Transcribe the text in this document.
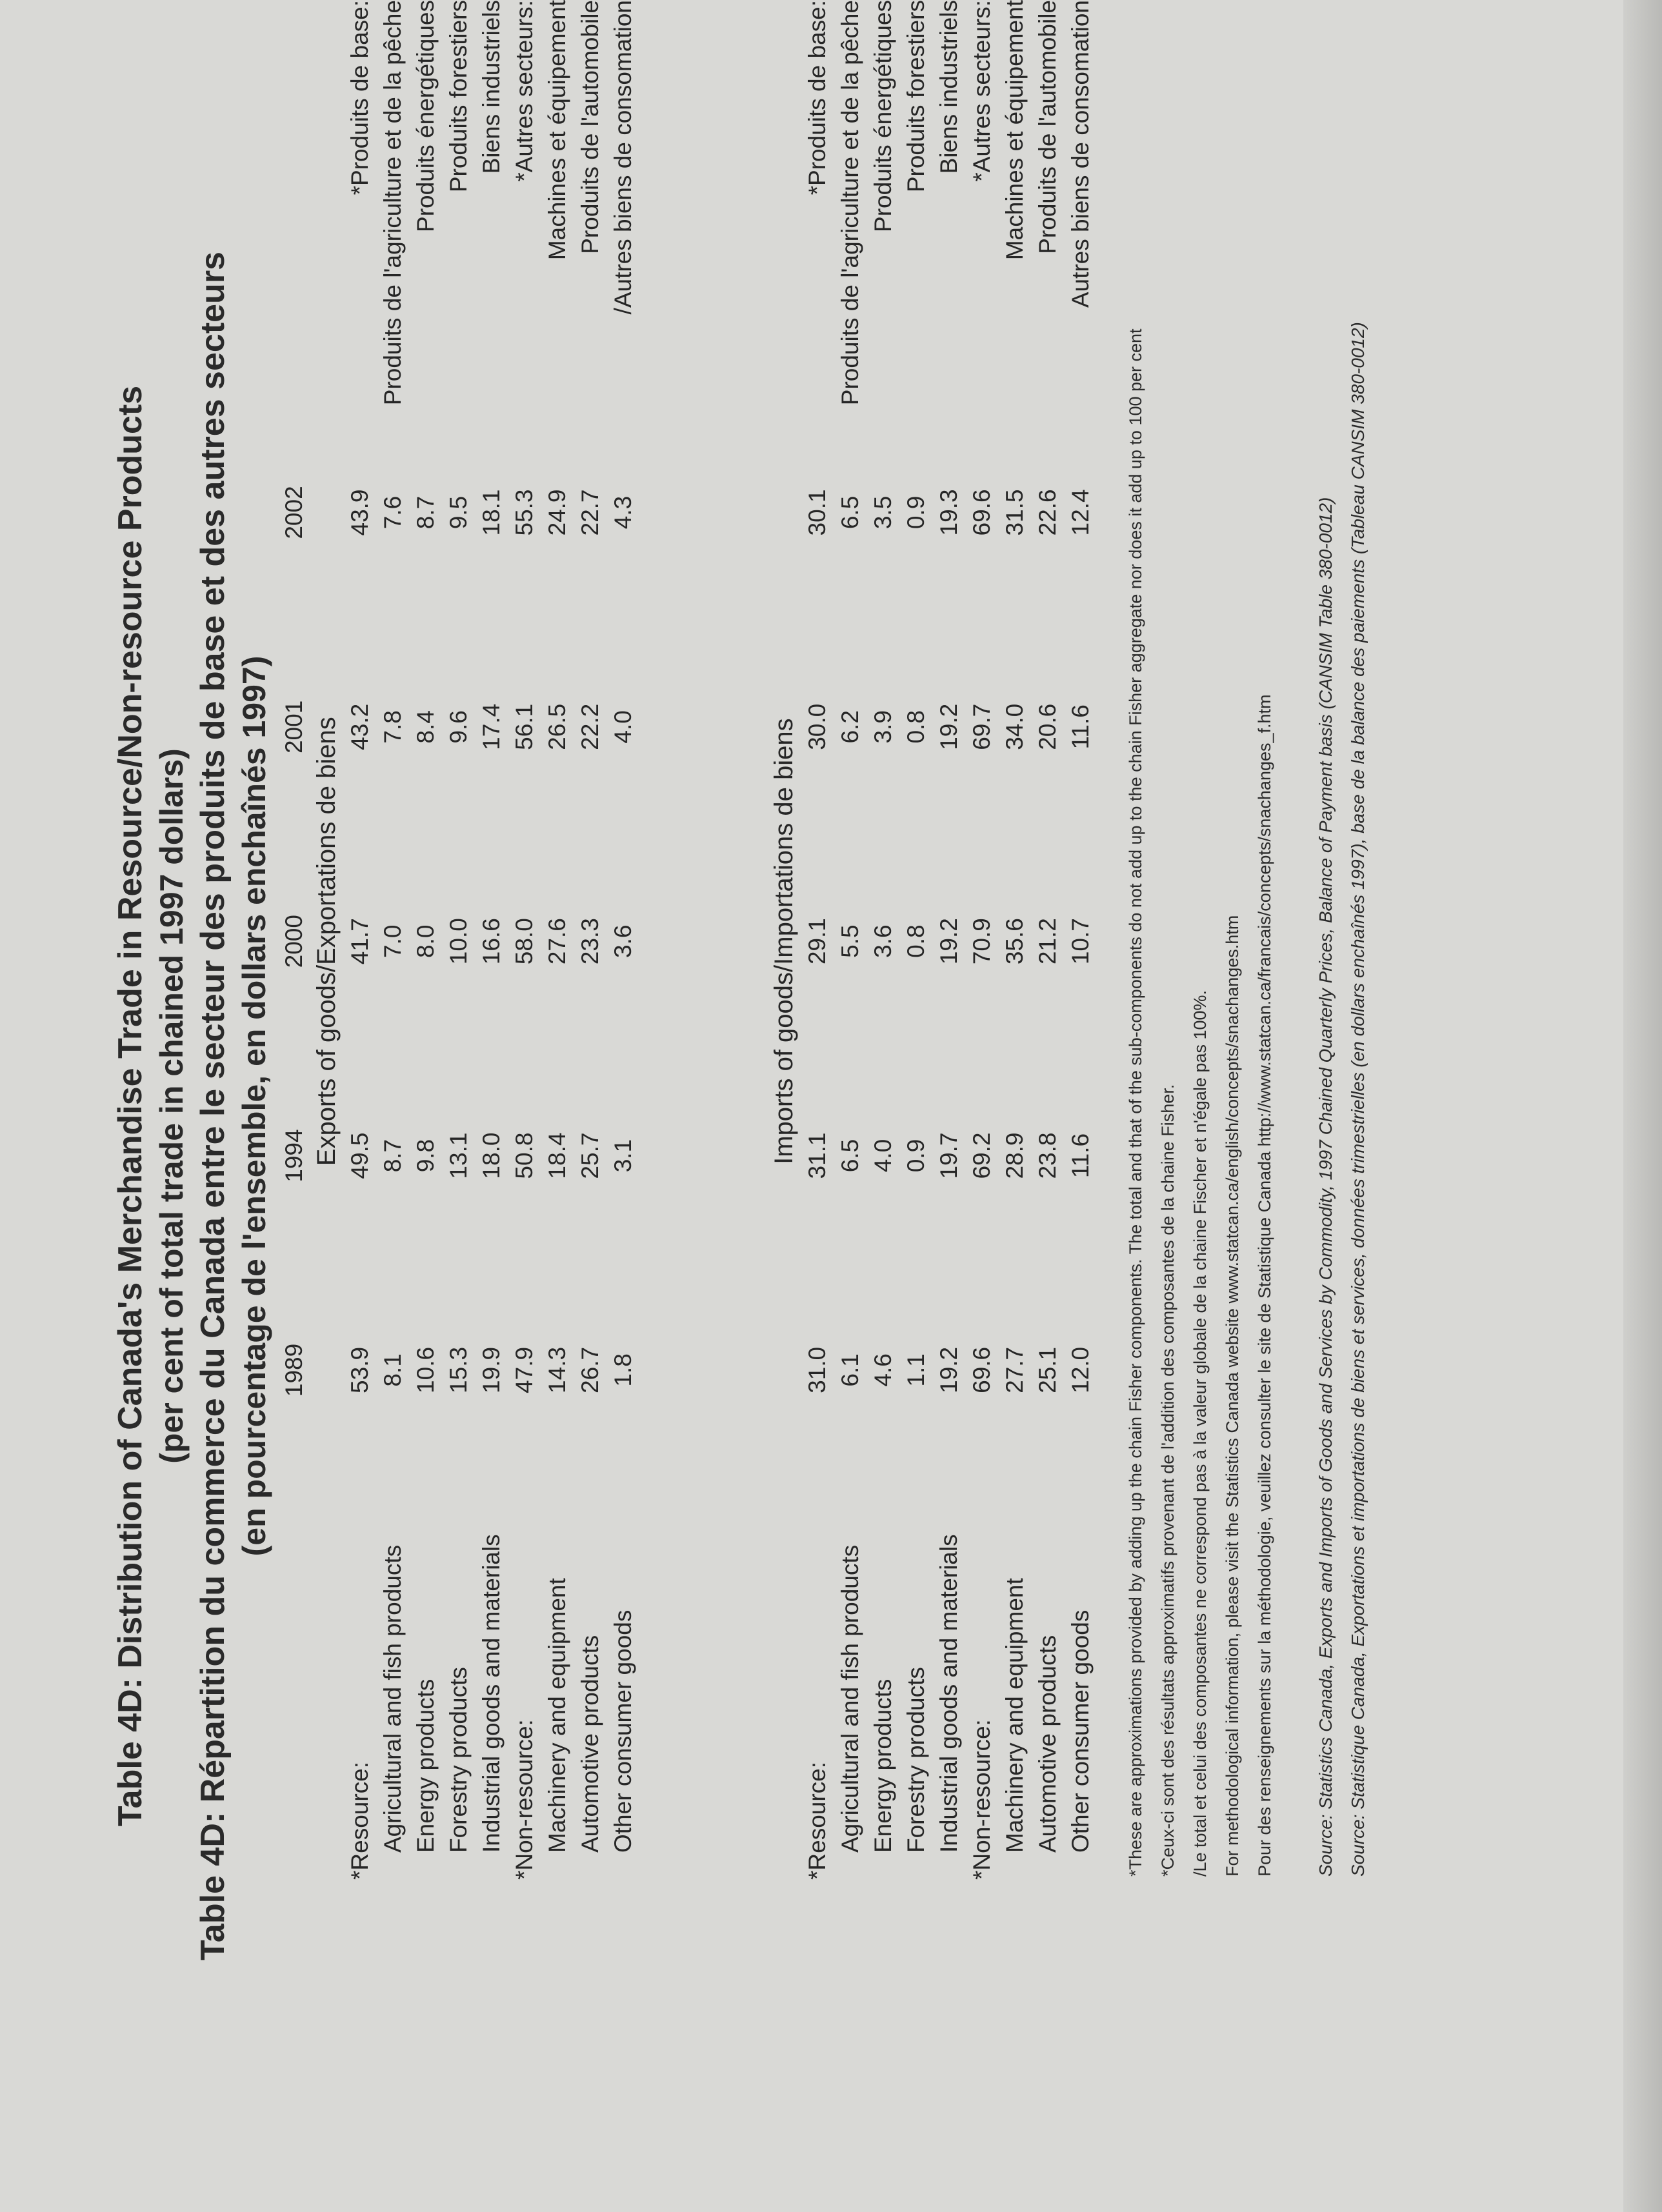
Table 4D: Distribution of Canada's Merchandise Trade in Resource/Non-resource Products (per cent of total trade in chained 1997 dollars) Table 4D: Répartition du commerce du Canada entre le secteur des produits de base et des autres secteurs (en pourcentage de l'ensemble, en dollars enchaînés 1997)
	1989	1994	2000	2001	2002	
	Exports of goods/Exportations de biens					
*Resource:	53.9	49.5	41.7	43.2	43.9	*Produits de base:
Agricultural and fish products	8.1	8.7	7.0	7.8	7.6	Produits de l'agriculture et de la pêche
Energy products	10.6	9.8	8.0	8.4	8.7	Produits énergétiques
Forestry products	15.3	13.1	10.0	9.6	9.5	Produits forestiers
Industrial goods and materials	19.9	18.0	16.6	17.4	18.1	Biens industriels
*Non-resource:	47.9	50.8	58.0	56.1	55.3	*Autres secteurs:
Machinery and equipment	14.3	18.4	27.6	26.5	24.9	Machines et équipement
Automotive products	26.7	25.7	23.3	22.2	22.7	Produits de l'automobile
Other consumer goods	1.8	3.1	3.6	4.0	4.3	/Autres biens de consomation
	Imports of goods/Importations de biens					
*Resource:	31.0	31.1	29.1	30.0	30.1	*Produits de base:
Agricultural and fish products	6.1	6.5	5.5	6.2	6.5	Produits de l'agriculture et de la pêche
Energy products	4.6	4.0	3.6	3.9	3.5	Produits énergétiques
Forestry products	1.1	0.9	0.8	0.8	0.9	Produits forestiers
Industrial goods and materials	19.2	19.7	19.2	19.2	19.3	Biens industriels
*Non-resource:	69.6	69.2	70.9	69.7	69.6	*Autres secteurs:
Machinery and equipment	27.7	28.9	35.6	34.0	31.5	Machines et équipement
Automotive products	25.1	23.8	21.2	20.6	22.6	Produits de l'automobile
Other consumer goods	12.0	11.6	10.7	11.6	12.4	Autres biens de consomation

*These are approximations provided by adding up the chain Fisher components. The total and that of the sub-components do not add up to the chain Fisher aggregate nor does it add up to 100 per cent *Ceux-ci sont des résultats approximatifs provenant de l'addition des composantes de la chaine Fisher. /Le total et celui des composantes ne correspond pas à la valeur globale de la chaine Fischer et n'égale pas 100%. For methodological information, please visit the Statistics Canada website www.statcan.ca/english/concepts/snachanges.htm Pour des renseignements sur la méthodologie, veuillez consulter le site de Statistique Canada http://www.statcan.ca/francais/concepts/snachanges_f.htm	Source: Statistics Canada, Exports and Imports of Goods and Services by Commodity, 1997 Chained Quarterly Prices, Balance of Payment basis (CANSIM Table 380-0012) Source: Statistique Canada, Exportations et importations de biens et services, données trimestrielles (en dollars enchaînés 1997), base de la balance des paiements (Tableau CANSIM 380-0012)
